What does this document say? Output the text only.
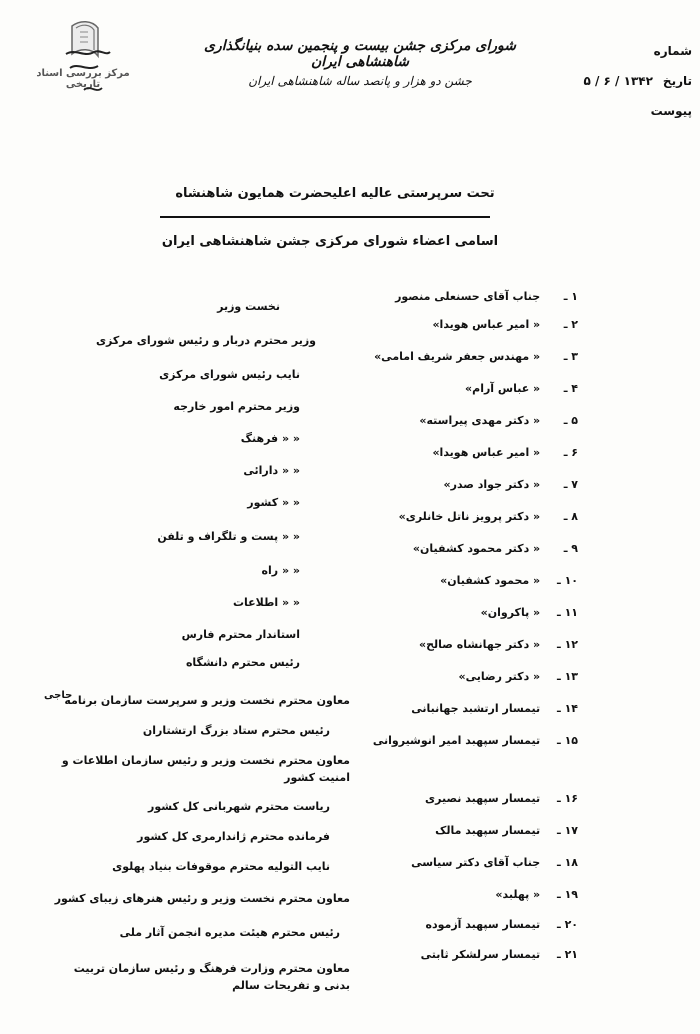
مرکز بررسی اسناد تاریخی
شورای مرکزی جشن بیست و پنجمین سده بنیانگذاری شاهنشاهی ایران
جشن دو هزار و پانصد ساله شاهنشاهی ایران
شماره
تاریخ
۱۳۴۲ / ۶ / ۵
پیوست
تحت سرپرستی عالیه اعلیحضرت همایون شاهنشاه
اسامی اعضاء شورای مرکزی جشن شاهنشاهی ایران
۱ ـ جناب آقای حسنعلی منصور
۲ ـ « امیر عباس هویدا»
۳ ـ « مهندس جعفر شریف امامی»
۴ ـ « عباس آرام»
۵ ـ « دکتر مهدی پیراسته»
۶ ـ « امیر عباس هویدا»
۷ ـ « دکتر جواد صدر»
۸ ـ « دکتر پرویز ناتل خانلری»
۹ ـ « دکتر محمود کشفیان»
۱۰ ـ « محمود کشفیان»
۱۱ ـ « پاکروان»
۱۲ ـ « دکتر جهانشاه صالح»
۱۳ ـ « دکتر رضایی»
۱۴ ـ تیمسار ارتشبد جهانبانی
۱۵ ـ تیمسار سپهبد امیر انوشیروانی
۱۶ ـ تیمسار سپهبد نصیری
۱۷ ـ تیمسار سپهبد مالک
۱۸ ـ جناب آقای دکتر سیاسی
۱۹ ـ « پهلبد»
۲۰ ـ تیمسار سپهبد آزموده
۲۱ ـ تیمسار سرلشکر ثابتی
نخست وزیر
وزیر محترم دربار و رئیس شورای مرکزی
نایب رئیس شورای مرکزی
وزیر محترم امور خارجه
« « فرهنگ
« « دارائی
« « کشور
« « پست و تلگراف و تلفن
« « راه
« « اطلاعات
استاندار محترم فارس
رئیس محترم دانشگاه
معاون محترم نخست وزیر و سرپرست سازمان برنامه
رئیس محترم ستاد بزرگ ارتشتاران
معاون محترم نخست وزیر و رئیس سازمان اطلاعات و امنیت کشور
ریاست محترم شهربانی کل کشور
فرمانده محترم ژاندارمری کل کشور
نایب التولیه محترم موقوفات بنیاد پهلوی
معاون محترم نخست وزیر و رئیس هنرهای زیبای کشور
رئیس محترم هیئت مدیره انجمن آثار ملی
معاون محترم وزارت فرهنگ و رئیس سازمان تربیت بدنی و تفریحات سالم
حاجی
